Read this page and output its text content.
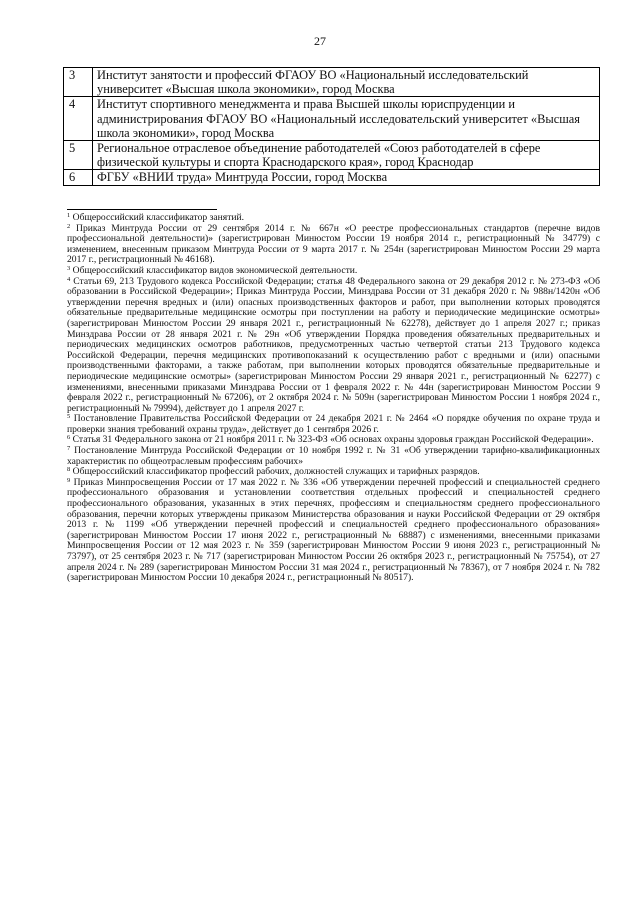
27
3	Институт занятости и профессий ФГАОУ ВО «Национальный исследовательский университет «Высшая школа экономики», город Москва
4	Институт спортивного менеджмента и права Высшей школы юриспруденции и администрирования ФГАОУ ВО «Национальный исследовательский университет «Высшая школа экономики», город Москва
5	Региональное отраслевое объединение работодателей «Союз работодателей в сфере физической культуры и спорта Краснодарского края», город Краснодар
6	ФГБУ «ВНИИ труда» Минтруда России, город Москва

$^1$ Общероссийский классификатор занятий.

$^2$ Приказ Минтруда России от 29 сентября 2014 г. № 667н «О реестре профессиональных стандартов (перечне видов профессиональной деятельности)» (зарегистрирован Минюстом России 19 ноября 2014 г., регистрационный № 34779) с изменением, внесенным приказом Минтруда России от 9 марта 2017 г. № 254н (зарегистрирован Минюстом России 29 марта 2017 г., регистрационный № 46168).

$^3$ Общероссийский классификатор видов экономической деятельности.

$^4$ Статьи 69, 213 Трудового кодекса Российской Федерации; статья 48 Федерального закона от 29 декабря 2012 г. № 273-ФЗ «Об образовании в Российской Федерации»; Приказ Минтруда России, Минздрава России от 31 декабря 2020 г. № 988н/1420н «Об утверждении перечня вредных и (или) опасных производственных факторов и работ, при выполнении которых проводятся обязательные предварительные медицинские осмотры при поступлении на работу и периодические медицинские осмотры» (зарегистрирован Минюстом России 29 января 2021 г., регистрационный № 62278), действует до 1 апреля 2027 г.; приказ Минздрава России от 28 января 2021 г. № 29н «Об утверждении Порядка проведения обязательных предварительных и периодических медицинских осмотров работников, предусмотренных частью четвертой статьи 213 Трудового кодекса Российской Федерации, перечня медицинских противопоказаний к осуществлению работ с вредными и (или) опасными производственными факторами, а также работам, при выполнении которых проводятся обязательные предварительные и периодические медицинские осмотры» (зарегистрирован Минюстом России 29 января 2021 г., регистрационный № 62277) с изменениями, внесенными приказами Минздрава России от 1 февраля 2022 г. № 44н (зарегистрирован Минюстом России 9 февраля 2022 г., регистрационный № 67206), от 2 октября 2024 г. № 509н (зарегистрирован Минюстом России 1 ноября 2024 г., регистрационный № 79994), действует до 1 апреля 2027 г.

$^5$ Постановление Правительства Российской Федерации от 24 декабря 2021 г. № 2464 «О порядке обучения по охране труда и проверки знания требований охраны труда», действует до 1 сентября 2026 г.

$^6$ Статья 31 Федерального закона от 21 ноября 2011 г. № 323-ФЗ «Об основах охраны здоровья граждан Российской Федерации».

$^7$ Постановление Минтруда Российской Федерации от 10 ноября 1992 г. № 31 «Об утверждении тарифно-квалификационных характеристик по общеотраслевым профессиям рабочих»

$^8$ Общероссийский классификатор профессий рабочих, должностей служащих и тарифных разрядов.

$^9$ Приказ Минпросвещения России от 17 мая 2022 г. № 336 «Об утверждении перечней профессий и специальностей среднего профессионального образования и установлении соответствия отдельных профессий и специальностей среднего профессионального образования, указанных в этих перечнях, профессиям и специальностям среднего профессионального образования, перечни которых утверждены приказом Министерства образования и науки Российской Федерации от 29 октября 2013 г. № 1199 «Об утверждении перечней профессий и специальностей среднего профессионального образования» (зарегистрирован Минюстом России 17 июня 2022 г., регистрационный № 68887) с изменениями, внесенными приказами Минпросвещения России от 12 мая 2023 г. № 359 (зарегистрирован Минюстом России 9 июня 2023 г., регистрационный № 73797), от 25 сентября 2023 г. № 717 (зарегистрирован Минюстом России 26 октября 2023 г., регистрационный № 75754), от 27 апреля 2024 г. № 289 (зарегистрирован Минюстом России 31 мая 2024 г., регистрационный № 78367), от 7 ноября 2024 г. № 782 (зарегистрирован Минюстом России 10 декабря 2024 г., регистрационный № 80517).
